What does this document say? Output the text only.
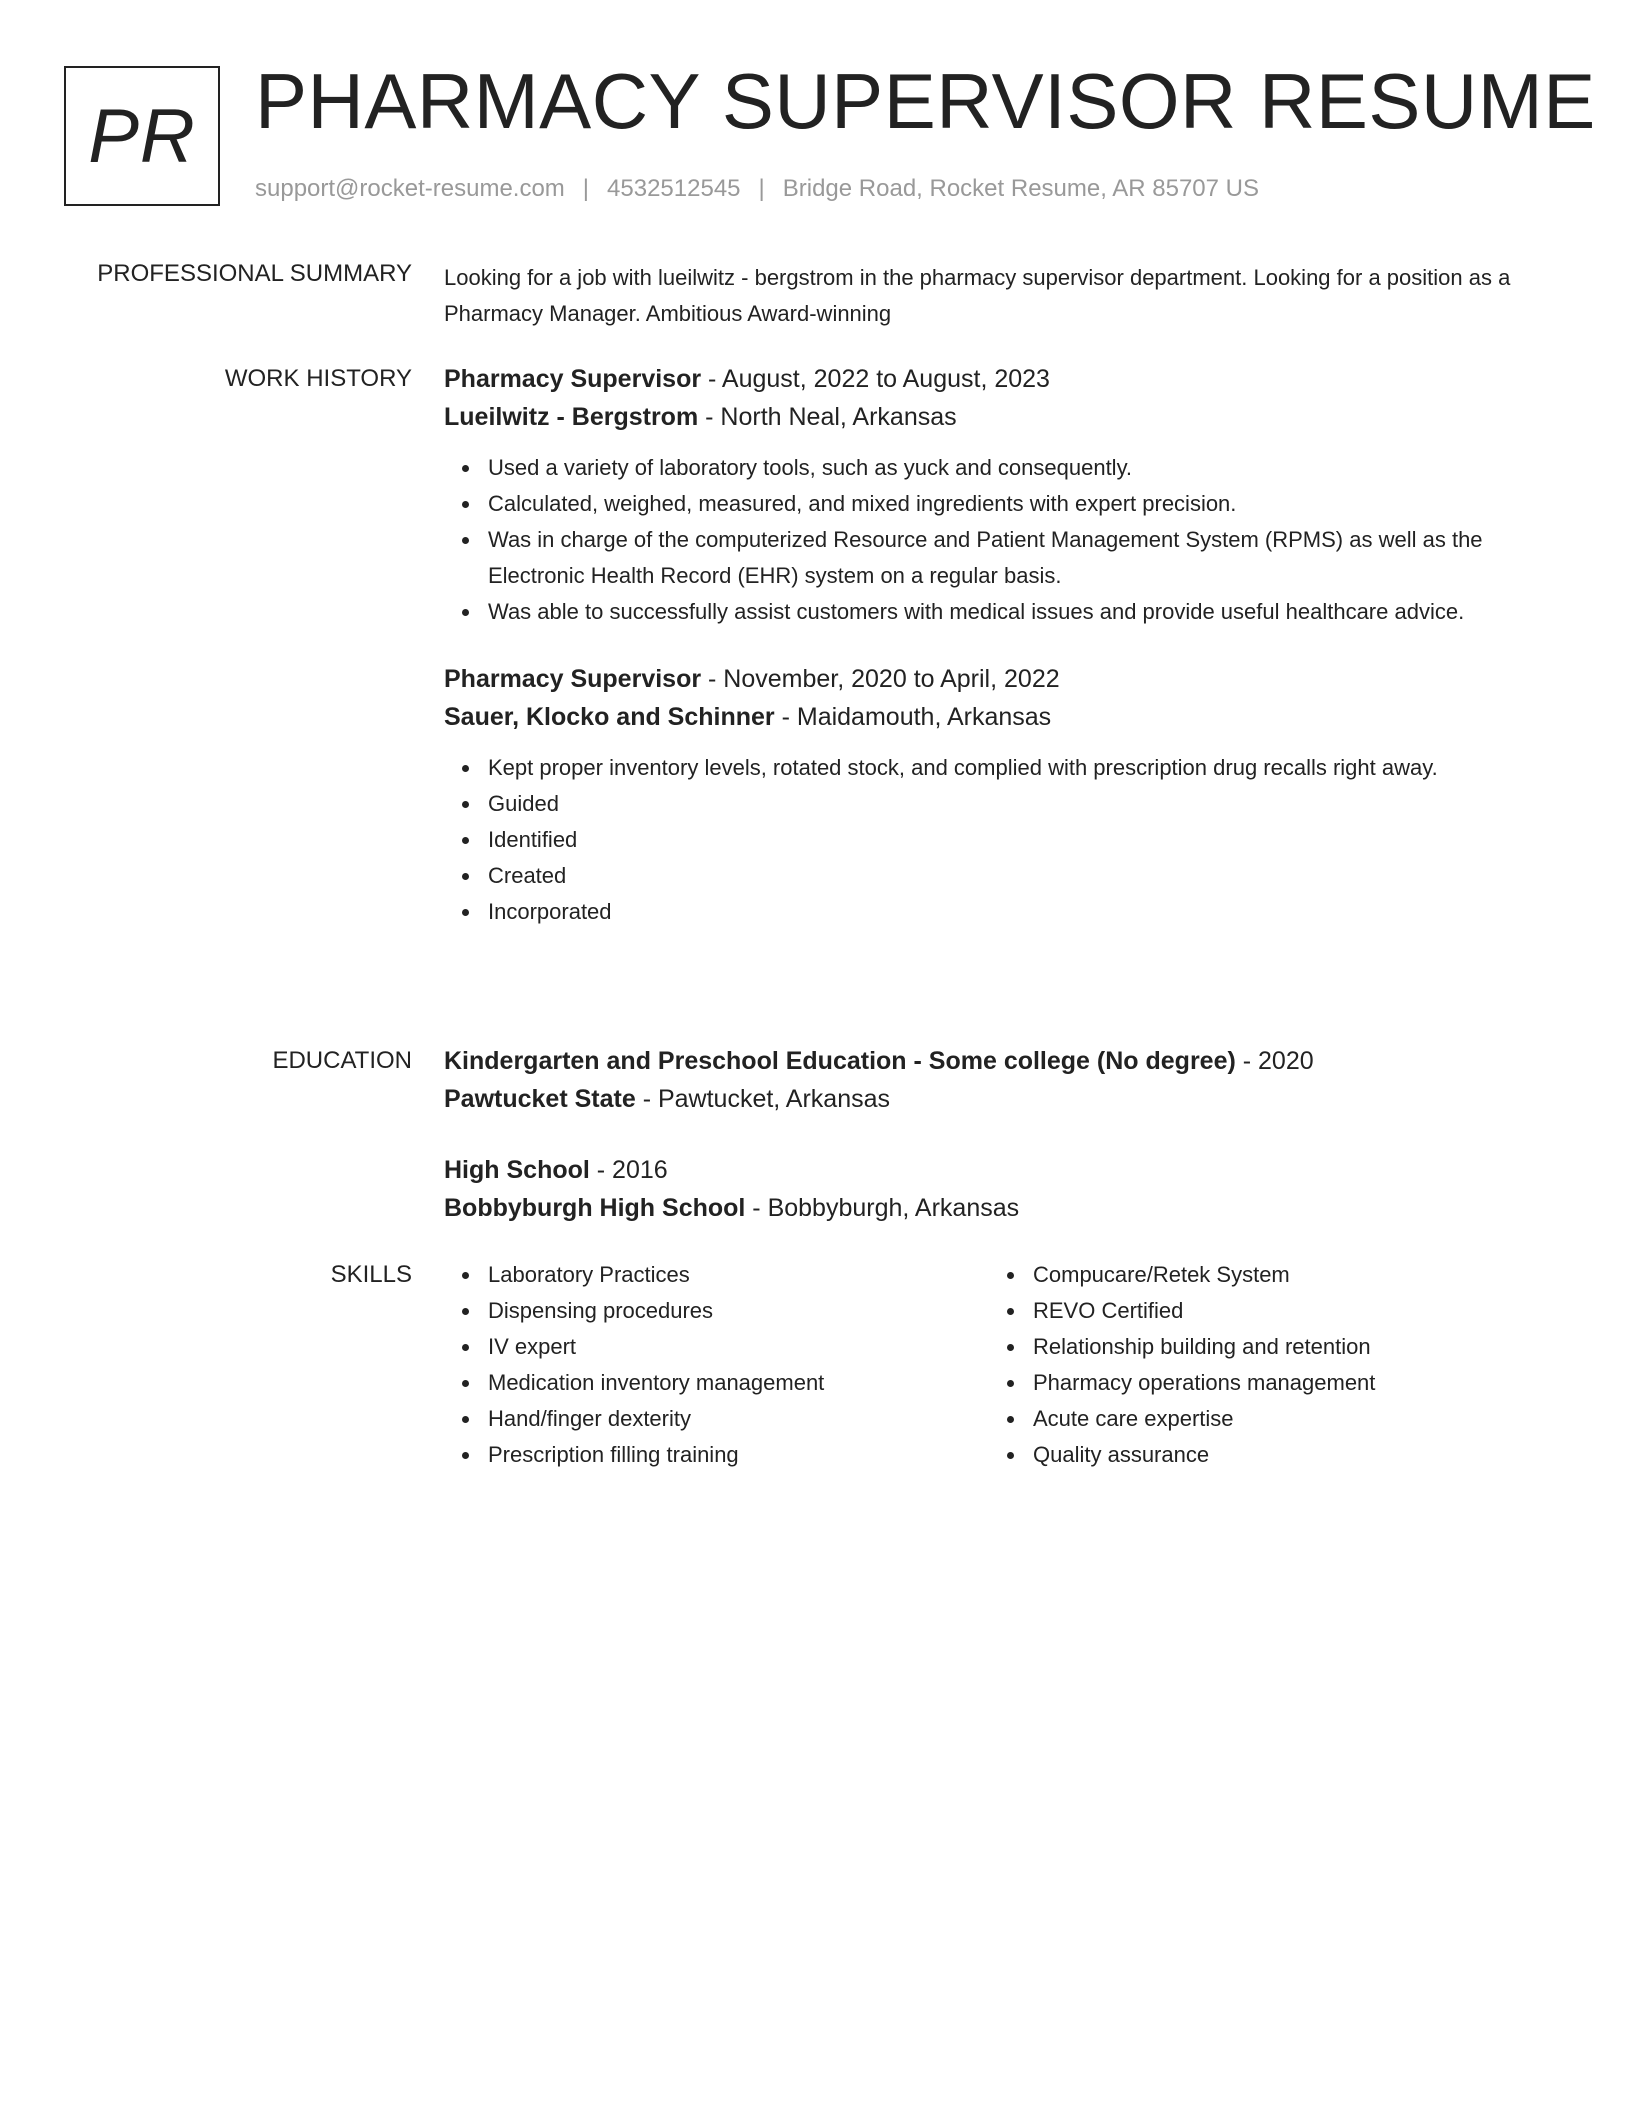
PR PHARMACY SUPERVISOR RESUME
support@rocket-resume.com | 4532512545 | Bridge Road, Rocket Resume, AR 85707 US
PROFESSIONAL SUMMARY Looking for a job with lueilwitz - bergstrom in the pharmacy supervisor department. Looking for a position as a Pharmacy Manager. Ambitious Award-winning

WORK HISTORY Pharmacy Supervisor - August, 2022 to August, 2023
Lueilwitz - Bergstrom - North Neal, Arkansas
Used a variety of laboratory tools, such as yuck and consequently.
Calculated, weighed, measured, and mixed ingredients with expert precision.
Was in charge of the computerized Resource and Patient Management System (RPMS) as well as the Electronic Health Record (EHR) system on a regular basis.
Was able to successfully assist customers with medical issues and provide useful healthcare advice.
Pharmacy Supervisor - November, 2020 to April, 2022
Sauer, Klocko and Schinner - Maidamouth, Arkansas
Kept proper inventory levels, rotated stock, and complied with prescription drug recalls right away.
Guided
Identified
Created
Incorporated
EDUCATION Kindergarten and Preschool Education - Some college (No degree) - 2020
Pawtucket State - Pawtucket, Arkansas
High School - 2016
Bobbyburgh High School - Bobbyburgh, Arkansas
SKILLS	Laboratory Practices
Dispensing procedures
IV expert
Medication inventory management
Hand/finger dexterity
Prescription filling training
Compucare/Retek System
REVO Certified
Relationship building and retention
Pharmacy operations management
Acute care expertise
Quality assurance
